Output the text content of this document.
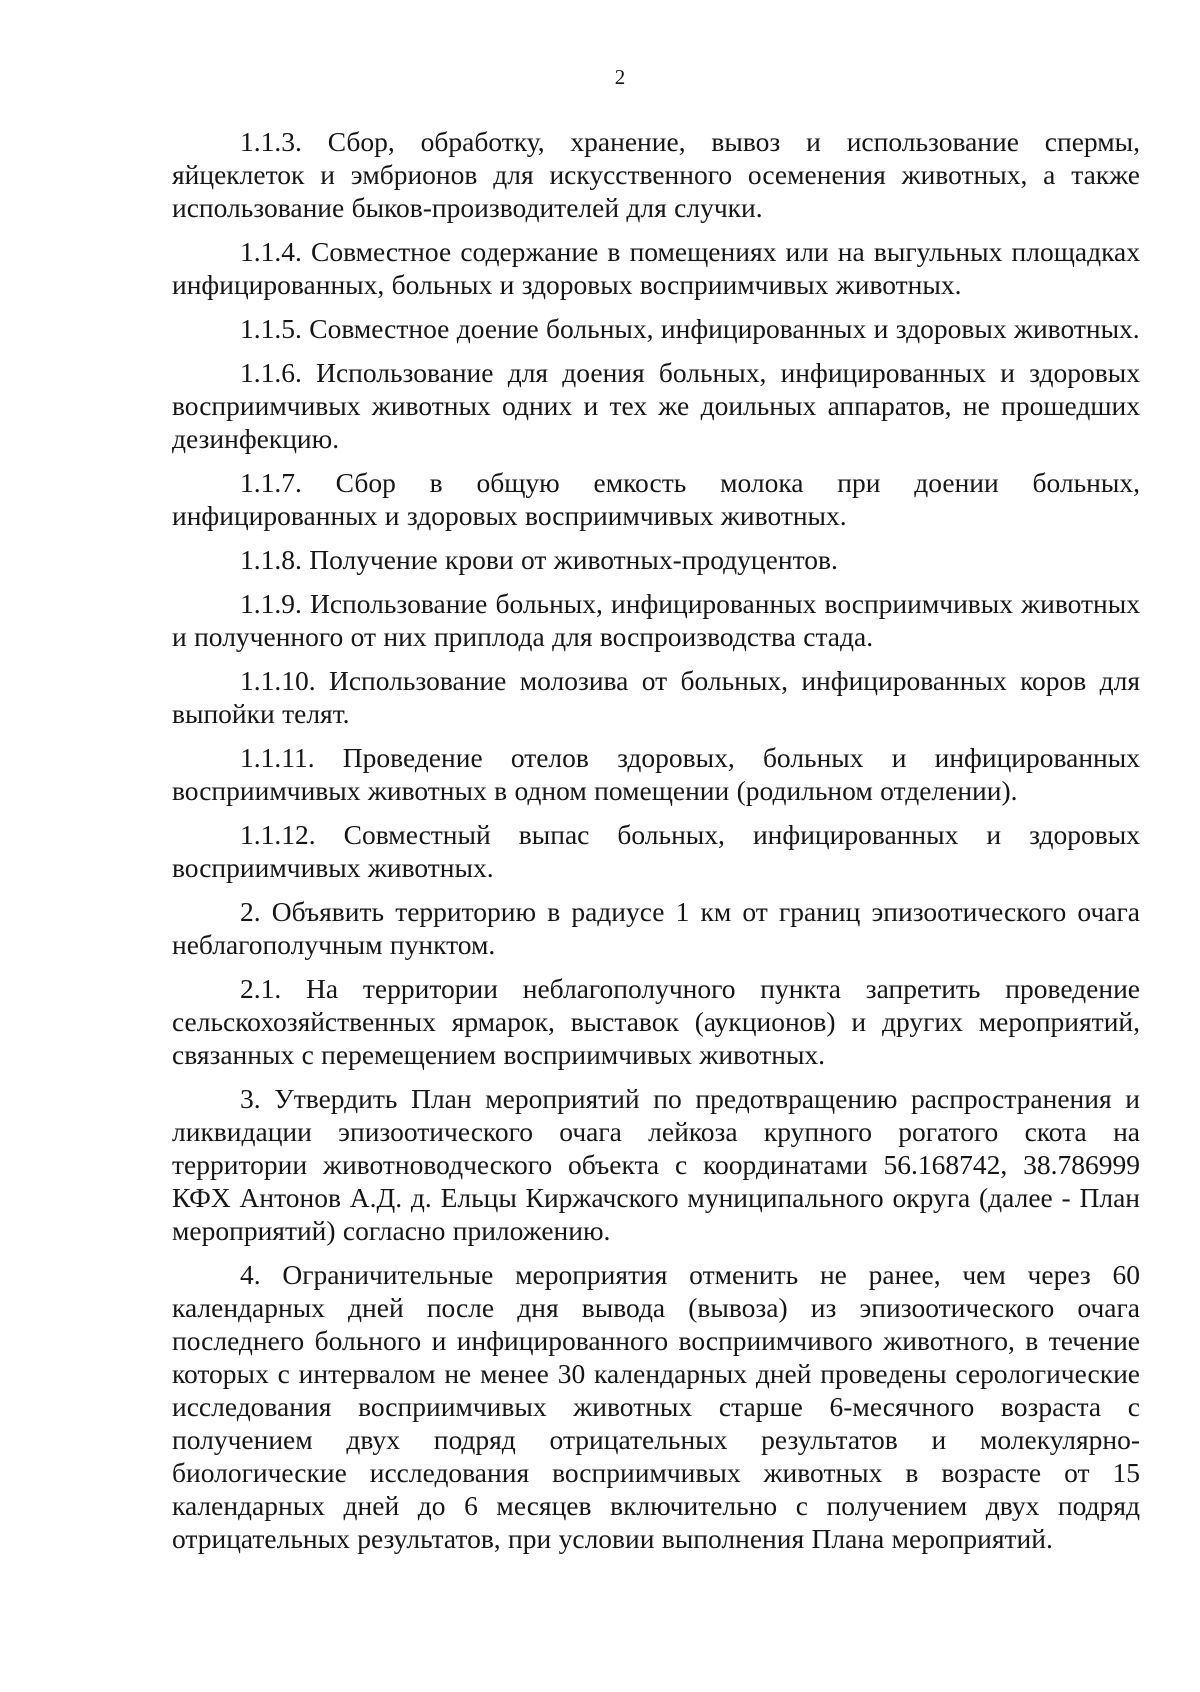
2

1.1.3. Сбор, обработку, хранение, вывоз и использование спермы, яйцеклеток и эмбрионов для искусственного осеменения животных, а также использование быков-производителей для случки.

1.1.4. Совместное содержание в помещениях или на выгульных площадках инфицированных, больных и здоровых восприимчивых животных.

1.1.5. Совместное доение больных, инфицированных и здоровых животных.

1.1.6. Использование для доения больных, инфицированных и здоровых восприимчивых животных одних и тех же доильных аппаратов, не прошедших дезинфекцию.

1.1.7. Сбор в общую емкость молока при доении больных, инфицированных и здоровых восприимчивых животных.

1.1.8. Получение крови от животных-продуцентов.

1.1.9. Использование больных, инфицированных восприимчивых животных и полученного от них приплода для воспроизводства стада.

1.1.10. Использование молозива от больных, инфицированных коров для выпойки телят.

1.1.11. Проведение отелов здоровых, больных и инфицированных восприимчивых животных в одном помещении (родильном отделении).

1.1.12. Совместный выпас больных, инфицированных и здоровых восприимчивых животных.

2. Объявить территорию в радиусе 1 км от границ эпизоотического очага неблагополучным пунктом.

2.1. На территории неблагополучного пункта запретить проведение сельскохозяйственных ярмарок, выставок (аукционов) и других мероприятий, связанных с перемещением восприимчивых животных.

3. Утвердить План мероприятий по предотвращению распространения и ликвидации эпизоотического очага лейкоза крупного рогатого скота на территории животноводческого объекта с координатами 56.168742, 38.786999 КФХ Антонов А.Д. д. Ельцы Киржачского муниципального округа (далее - План мероприятий) согласно приложению.

4. Ограничительные мероприятия отменить не ранее, чем через 60 календарных дней после дня вывода (вывоза) из эпизоотического очага последнего больного и инфицированного восприимчивого животного, в течение которых с интервалом не менее 30 календарных дней проведены серологические исследования восприимчивых животных старше 6-месячного возраста с получением двух подряд отрицательных результатов и молекулярно-биологические исследования восприимчивых животных в возрасте от 15 календарных дней до 6 месяцев включительно с получением двух подряд отрицательных результатов, при условии выполнения Плана мероприятий.
